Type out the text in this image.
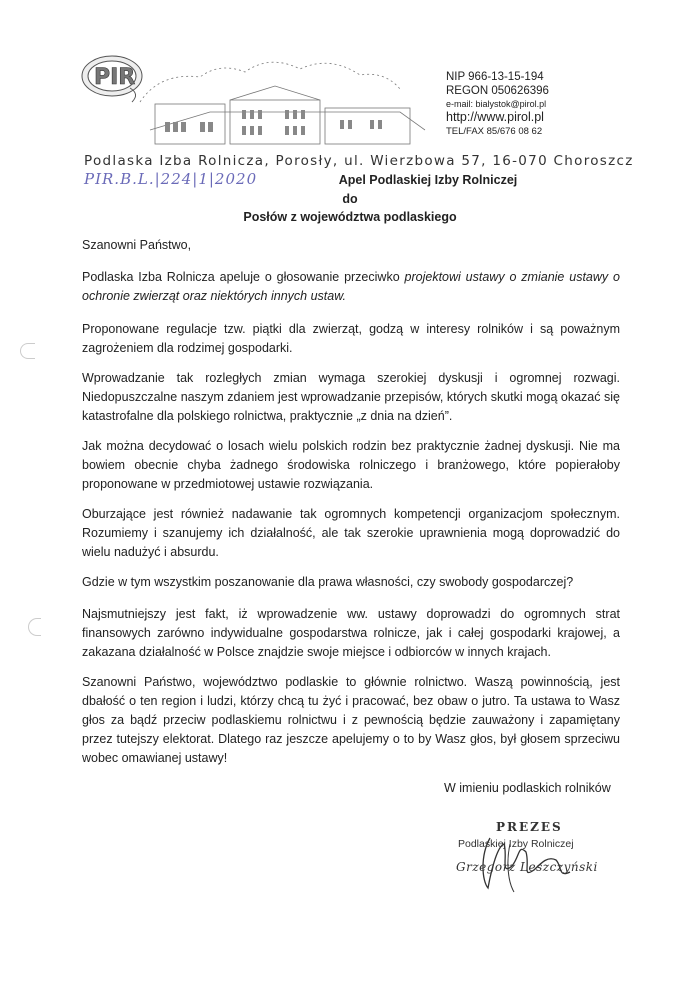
PIR	NIP 966-13-15-194
REGON 050626396
e-mail: bialystok@pirol.pl
http://www.pirol.pl
TEL/FAX 85/676 08 62
Podlaska Izba Rolnicza, Porosły, ul. Wierzbowa 57, 16-070 Choroszcz
PIR.B.L.|224|1|2020	Apel Podlaskiej Izby Rolniczej
do
Posłów z województwa podlaskiego
Szanowni Państwo,
Podlaska Izba Rolnicza apeluje o głosowanie przeciwko projektowi ustawy o zmianie ustawy o ochronie zwierząt oraz niektórych innych ustaw.
Proponowane regulacje tzw. piątki dla zwierząt, godzą w interesy rolników i są poważnym zagrożeniem dla rodzimej gospodarki.
Wprowadzanie tak rozległych zmian wymaga szerokiej dyskusji i ogromnej rozwagi. Niedopuszczalne naszym zdaniem jest wprowadzanie przepisów, których skutki mogą okazać się katastrofalne dla polskiego rolnictwa, praktycznie „z dnia na dzień”.
Jak można decydować o losach wielu polskich rodzin bez praktycznie żadnej dyskusji. Nie ma bowiem obecnie chyba żadnego środowiska rolniczego i branżowego, które popierałoby proponowane w przedmiotowej ustawie rozwiązania.
Oburzające jest również nadawanie tak ogromnych kompetencji organizacjom społecznym. Rozumiemy i szanujemy ich działalność, ale tak szerokie uprawnienia mogą doprowadzić do wielu nadużyć i absurdu.
Gdzie w tym wszystkim poszanowanie dla prawa własności, czy swobody gospodarczej?
Najsmutniejszy jest fakt, iż wprowadzenie ww. ustawy doprowadzi do ogromnych strat finansowych zarówno indywidualne gospodarstwa rolnicze, jak i całej gospodarki krajowej, a zakazana działalność w Polsce znajdzie swoje miejsce i odbiorców w innych krajach.
Szanowni Państwo, województwo podlaskie to głównie rolnictwo. Waszą powinnością, jest dbałość o ten region i ludzi, którzy chcą tu żyć i pracować, bez obaw o jutro. Ta ustawa to Wasz głos za bądź przeciw podlaskiemu rolnictwu i z pewnością będzie zauważony i zapamiętany przez tutejszy elektorat. Dlatego raz jeszcze apelujemy o to by Wasz głos, był głosem sprzeciwu wobec omawianej ustawy!
W imieniu podlaskich rolników
PREZES
Podlaskiej Izby Rolniczej
Grzegorz Leszczyński
